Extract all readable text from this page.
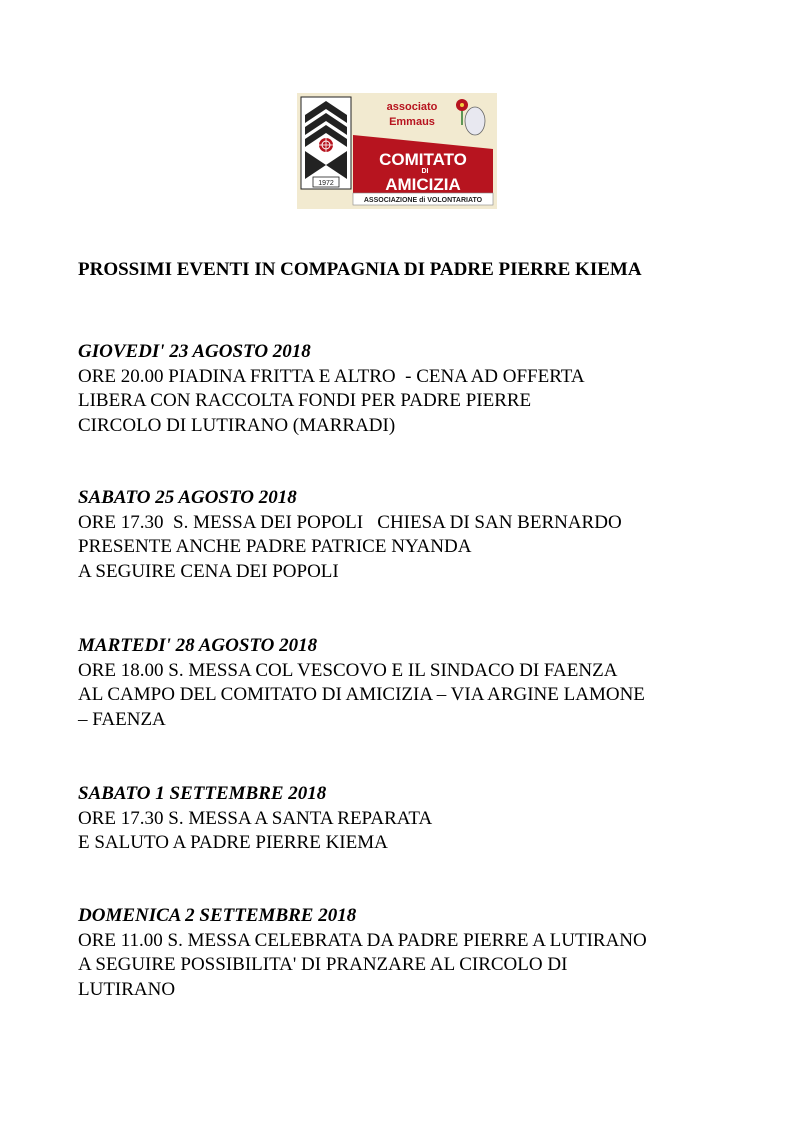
1972
associato
Emmaus
COMITATO
DI
AMICIZIA
ASSOCIAZIONE di VOLONTARIATO
PROSSIMI EVENTI IN COMPAGNIA DI PADRE PIERRE KIEMA
GIOVEDI' 23 AGOSTO 2018
ORE 20.00 PIADINA FRITTA E ALTRO  - CENA AD OFFERTA
LIBERA CON RACCOLTA FONDI PER PADRE PIERRE
CIRCOLO DI LUTIRANO (MARRADI)
SABATO 25 AGOSTO 2018
ORE 17.30  S. MESSA DEI POPOLI   CHIESA DI SAN BERNARDO
PRESENTE ANCHE PADRE PATRICE NYANDA
A SEGUIRE CENA DEI POPOLI
MARTEDI' 28 AGOSTO 2018
ORE 18.00 S. MESSA COL VESCOVO E IL SINDACO DI FAENZA
AL CAMPO DEL COMITATO DI AMICIZIA – VIA ARGINE LAMONE
– FAENZA
SABATO 1 SETTEMBRE 2018
ORE 17.30 S. MESSA A SANTA REPARATA
E SALUTO A PADRE PIERRE KIEMA
DOMENICA 2 SETTEMBRE 2018
ORE 11.00 S. MESSA CELEBRATA DA PADRE PIERRE A LUTIRANO
A SEGUIRE POSSIBILITA' DI PRANZARE AL CIRCOLO DI
LUTIRANO
